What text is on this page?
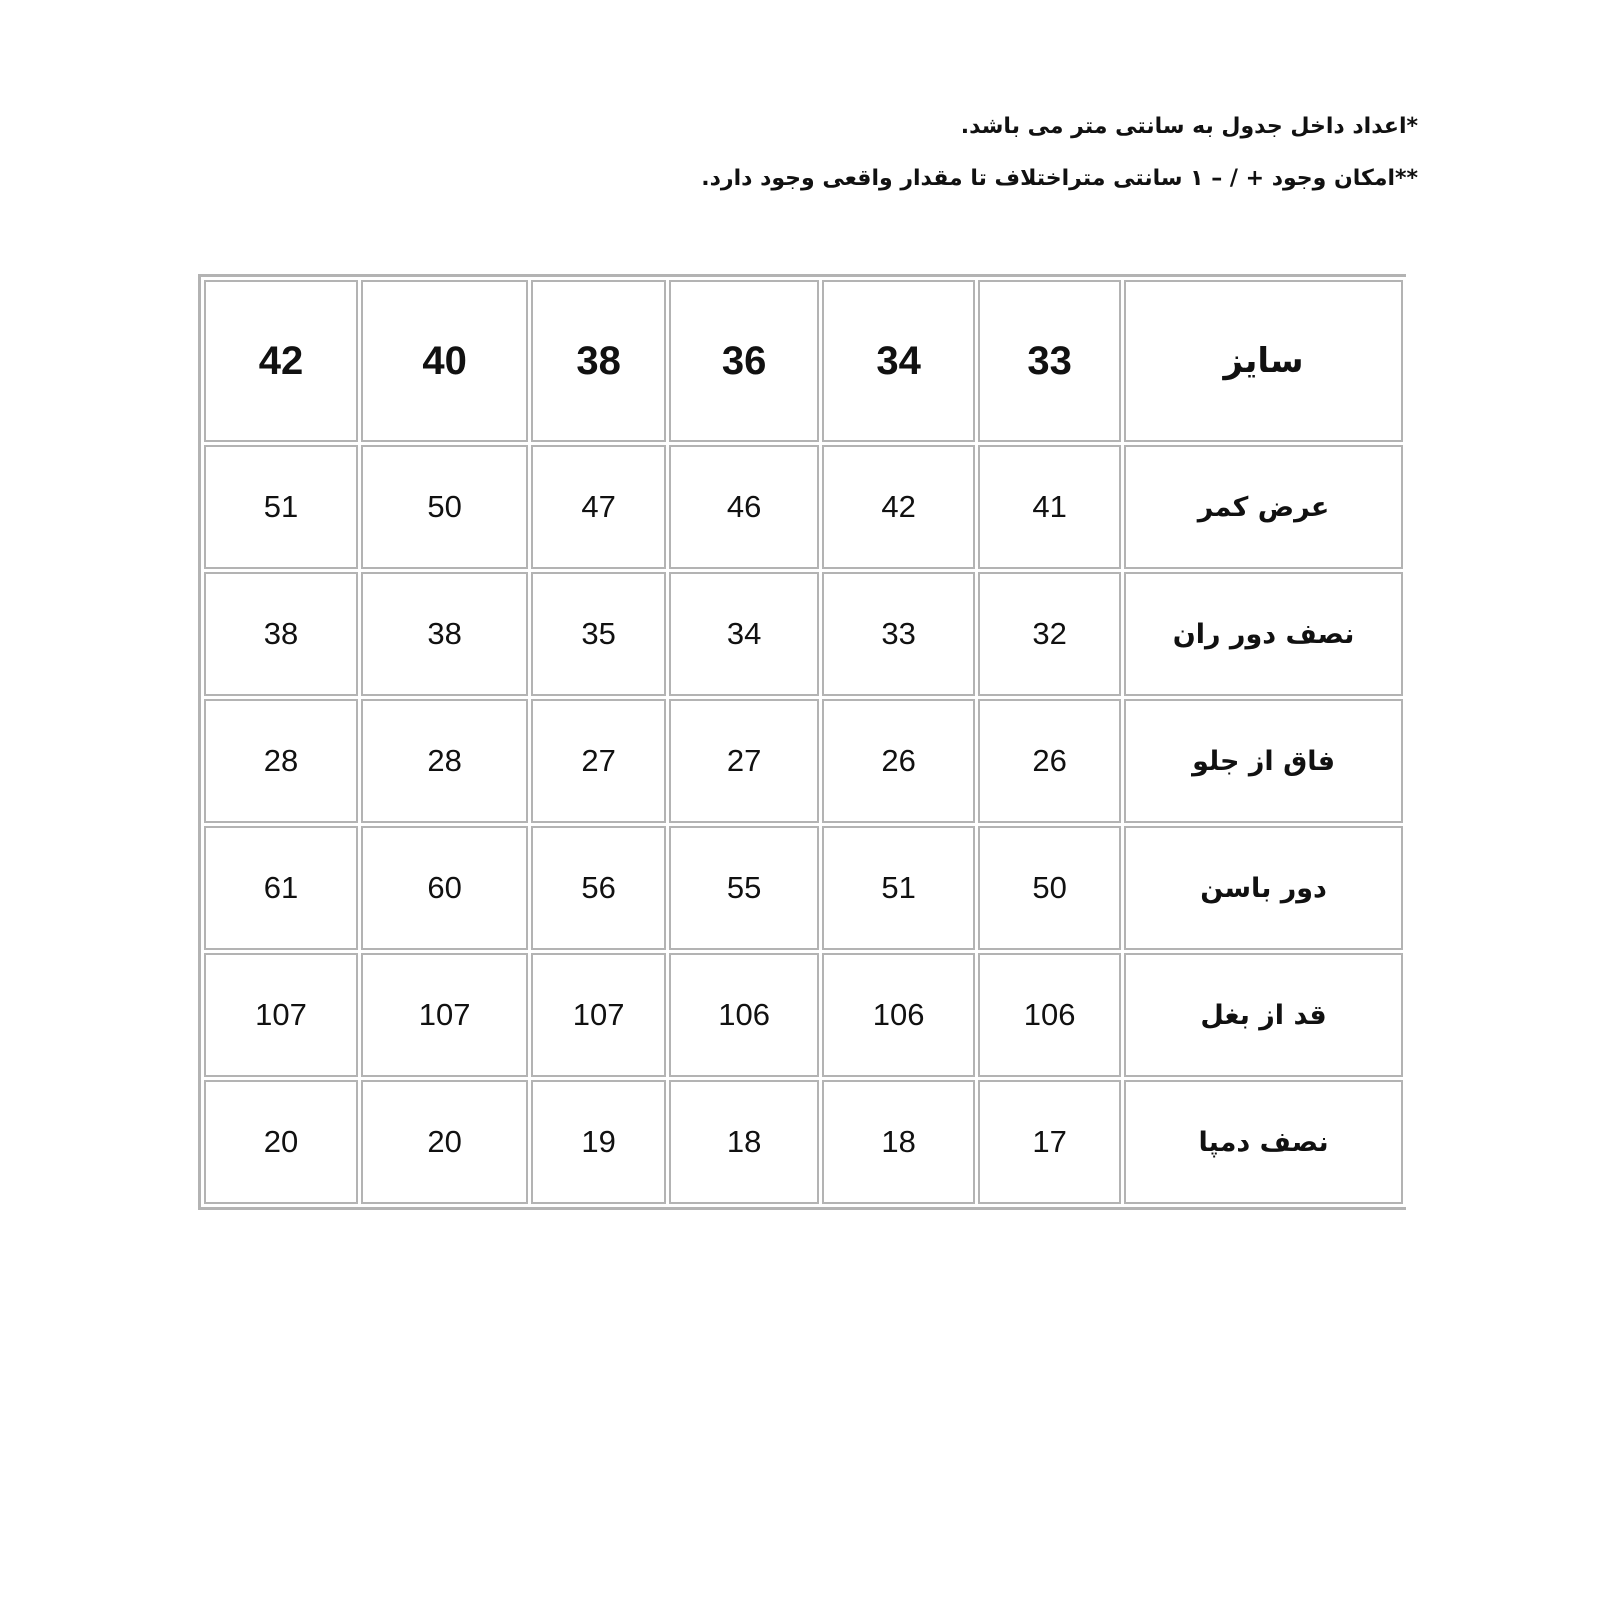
*اعداد داخل جدول به سانتی متر می باشد.

**امکان وجود + / – ۱ سانتی متراختلاف تا مقدار واقعی وجود دارد.

سایز	33	34	36	38	40	42
عرض کمر	41	42	46	47	50	51
نصف دور ران	32	33	34	35	38	38
فاق از جلو	26	26	27	27	28	28
دور باسن	50	51	55	56	60	61
قد از بغل	106	106	106	107	107	107
نصف دمپا	17	18	18	19	20	20
